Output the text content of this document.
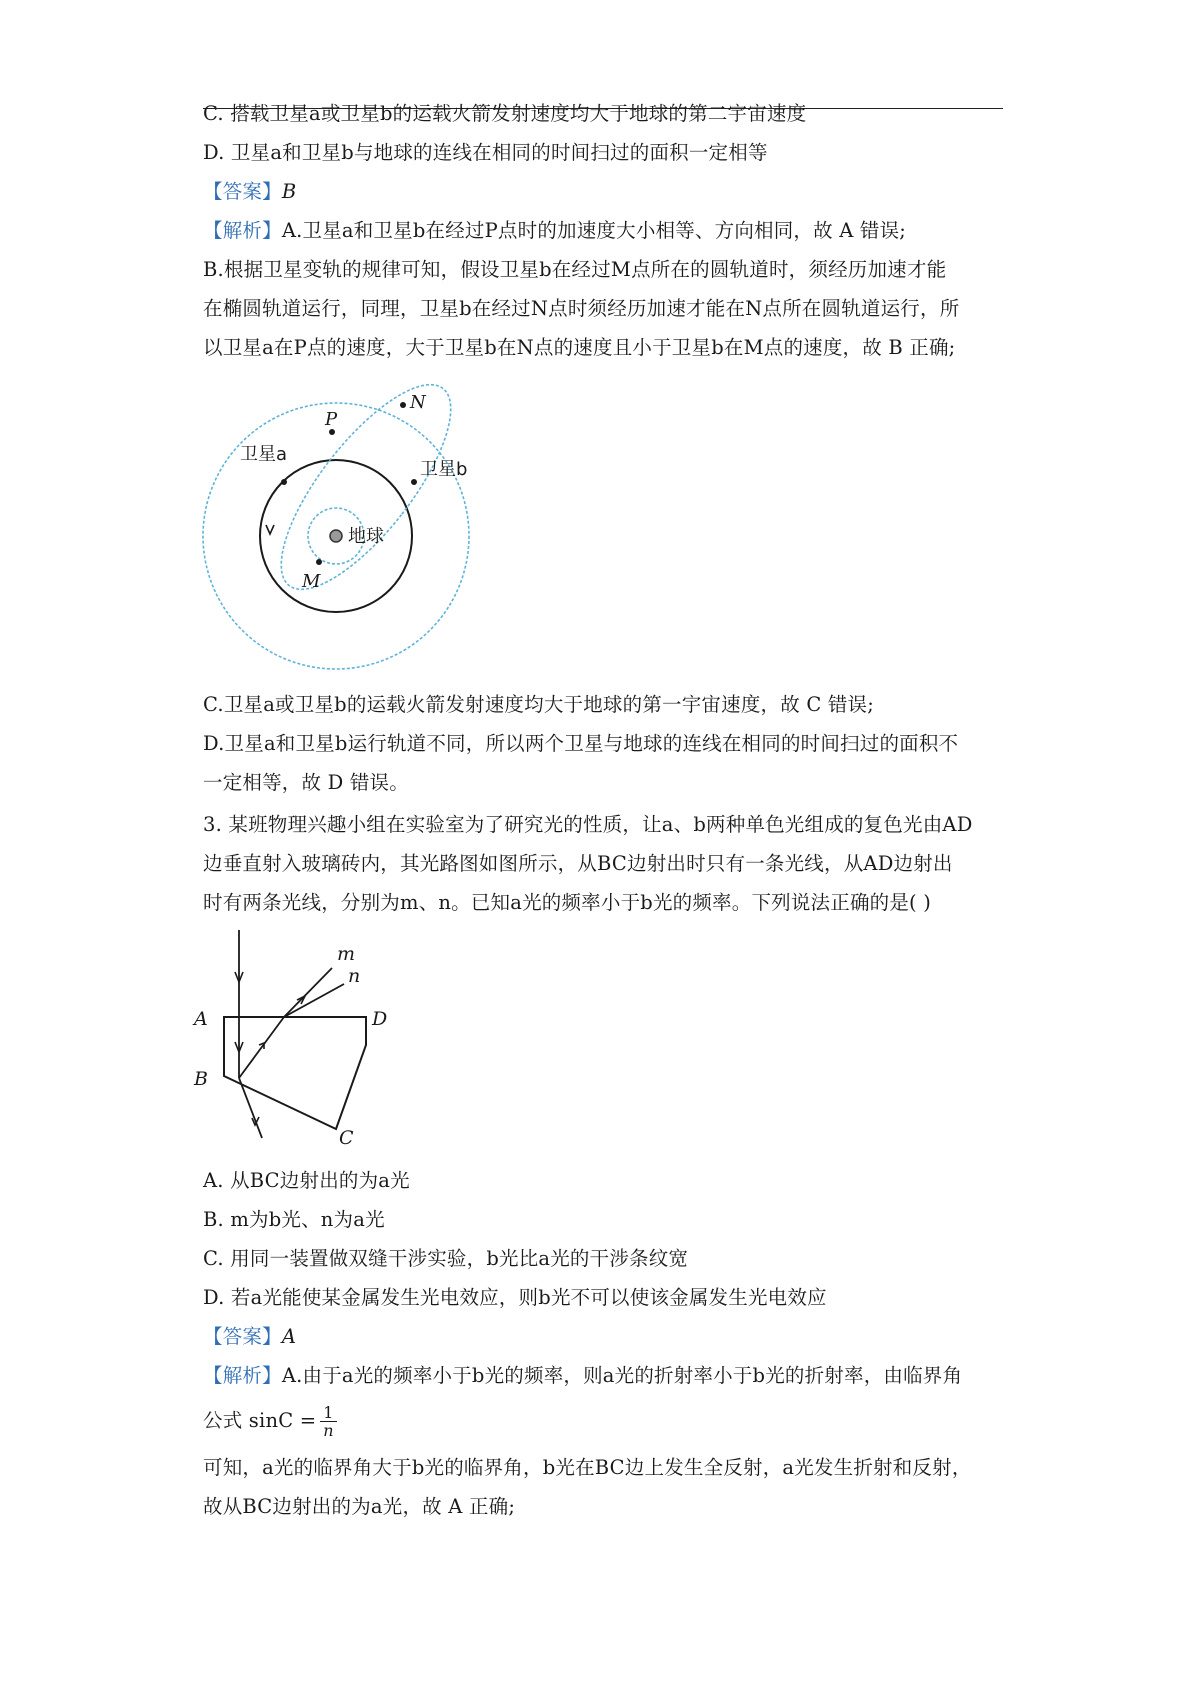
C. 搭载卫星a或卫星b的运载火箭发射速度均大于地球的第二宇宙速度
D. 卫星a和卫星b与地球的连线在相同的时间扫过的面积一定相等
【答案】B
【解析】A.卫星a和卫星b在经过P点时的加速度大小相等、方向相同，故 A 错误;
B.根据卫星变轨的规律可知，假设卫星b在经过M点所在的圆轨道时，须经历加速才能
在椭圆轨道运行，同理，卫星b在经过N点时须经历加速才能在N点所在圆轨道运行，所
以卫星a在P点的速度，大于卫星b在N点的速度且小于卫星b在M点的速度，故 B 正确;
卫星a
卫星b
P
N
M
地球
C.卫星a或卫星b的运载火箭发射速度均大于地球的第一宇宙速度，故 C 错误;
D.卫星a和卫星b运行轨道不同，所以两个卫星与地球的连线在相同的时间扫过的面积不
一定相等，故 D 错误。
3. 某班物理兴趣小组在实验室为了研究光的性质，让a、b两种单色光组成的复色光由AD
边垂直射入玻璃砖内，其光路图如图所示，从BC边射出时只有一条光线，从AD边射出
时有两条光线，分别为m、n。已知a光的频率小于b光的频率。下列说法正确的是( )
A
B
C
D
m
n
A. 从BC边射出的为a光
B. m为b光、n为a光
C. 用同一装置做双缝干涉实验，b光比a光的干涉条纹宽
D. 若a光能使某金属发生光电效应，则b光不可以使该金属发生光电效应
【答案】A
【解析】A.由于a光的频率小于b光的频率，则a光的折射率小于b光的折射率，由临界角
公式 $\sin C = \frac{1}{n}$
可知，a光的临界角大于b光的临界角，b光在BC边上发生全反射，a光发生折射和反射，
故从BC边射出的为a光，故 A 正确;
